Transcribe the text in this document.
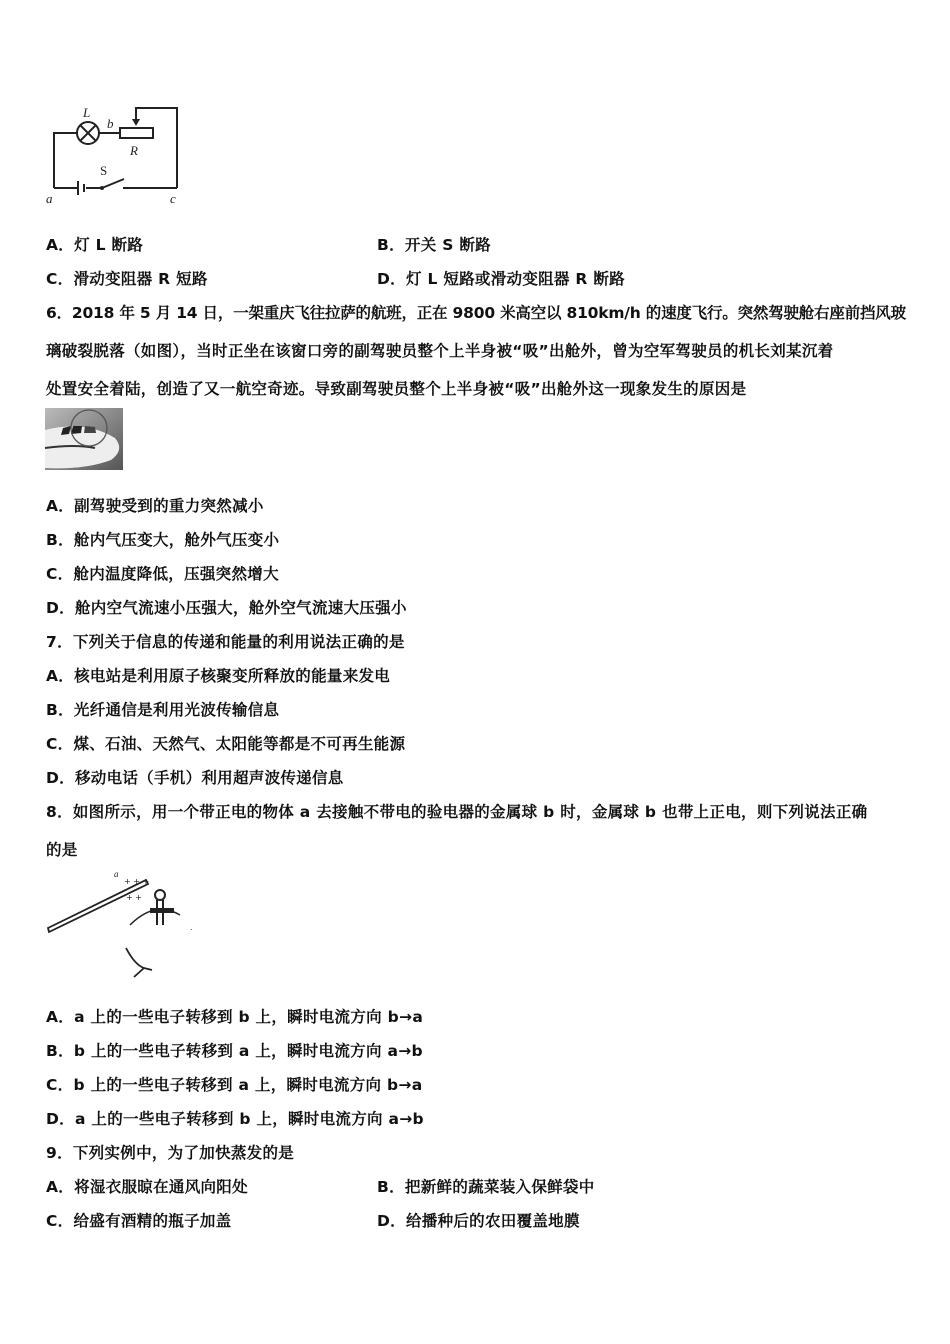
L
b
R
S
a	c
A．灯 L 断路	B．开关 S 断路
C．滑动变阻器 R 短路	D．灯 L 短路或滑动变阻器 R 断路
6．2018 年 5 月 14 日，一架重庆飞往拉萨的航班，正在 9800 米高空以 810km/h 的速度飞行。突然驾驶舱右座前挡风玻
璃破裂脱落（如图），当时正坐在该窗口旁的副驾驶员整个上半身被“吸”出舱外，曾为空军驾驶员的机长刘某沉着
处置安全着陆，创造了又一航空奇迹。导致副驾驶员整个上半身被“吸”出舱外这一现象发生的原因是
A．副驾驶受到的重力突然减小
B．舱内气压变大，舱外气压变小
C．舱内温度降低，压强突然增大
D．舱内空气流速小压强大，舱外空气流速大压强小
7．下列关于信息的传递和能量的利用说法正确的是
A．核电站是利用原子核聚变所释放的能量来发电
B．光纤通信是利用光波传输信息
C．煤、石油、天然气、太阳能等都是不可再生能源
D．移动电话（手机）利用超声波传递信息
8．如图所示，用一个带正电的物体 a 去接触不带电的验电器的金属球 b 时，金属球 b 也带上正电，则下列说法正确
的是
+ + +
+ +
.
a
A．a 上的一些电子转移到 b 上，瞬时电流方向 b→a
B．b 上的一些电子转移到 a 上，瞬时电流方向 a→b
C．b 上的一些电子转移到 a 上，瞬时电流方向 b→a
D．a 上的一些电子转移到 b 上，瞬时电流方向 a→b
9．下列实例中，为了加快蒸发的是
A．将湿衣服晾在通风向阳处	B．把新鲜的蔬菜装入保鲜袋中
C．给盛有酒精的瓶子加盖	D．给播种后的农田覆盖地膜
